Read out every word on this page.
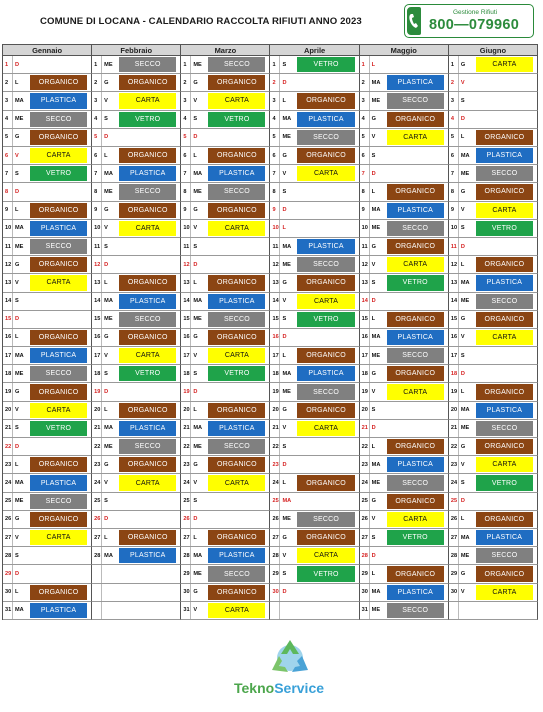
COMUNE DI LOCANA - CALENDARIO RACCOLTA RIFIUTI ANNO 2023
Gestione Rifiuti
800—079960
Gennaio
1	D
2	L	ORGANICO
3	MA	PLASTICA
4	ME	SECCO
5	G	ORGANICO
6	V	CARTA
7	S	VETRO
8	D
9	L	ORGANICO
10 MA	PLASTICA
11 ME	SECCO
12 G	ORGANICO
13 V	CARTA
14 S
15 D
16 L	ORGANICO
17 MA	PLASTICA
18 ME	SECCO
19 G	ORGANICO
20 V	CARTA
21 S	VETRO
22 D
23 L	ORGANICO
24 MA	PLASTICA
25 ME	SECCO
26 G	ORGANICO
27 V	CARTA
28 S
29 D
30 L	ORGANICO
31 MA	PLASTICA
Febbraio
1	ME	SECCO
2	G	ORGANICO
3	V	CARTA
4	S	VETRO
5	D
6	L	ORGANICO
7	MA	PLASTICA
8	ME	SECCO
9	G	ORGANICO
10 V	CARTA
11 S
12 D
13 L	ORGANICO
14 MA	PLASTICA
15 ME	SECCO
16 G	ORGANICO
17 V	CARTA
18 S	VETRO
19 D
20 L	ORGANICO
21 MA	PLASTICA
22 ME	SECCO
23 G	ORGANICO
24 V	CARTA
25 S
26 D
27 L	ORGANICO
28 MA	PLASTICA
Marzo
1	ME	SECCO
2	G	ORGANICO
3	V	CARTA
4	S	VETRO
5	D
6	L	ORGANICO
7	MA	PLASTICA
8	ME	SECCO
9	G	ORGANICO
10 V	CARTA
11 S
12 D
13 L	ORGANICO
14 MA	PLASTICA
15 ME	SECCO
16 G	ORGANICO
17 V	CARTA
18 S	VETRO
19 D
20 L	ORGANICO
21 MA	PLASTICA
22 ME	SECCO
23 G	ORGANICO
24 V	CARTA
25 S
26 D
27 L	ORGANICO
28 MA	PLASTICA
29 ME	SECCO
30 G	ORGANICO
31 V	CARTA
Aprile
1	S	VETRO
2	D
3	L	ORGANICO
4	MA	PLASTICA
5	ME	SECCO
6	G	ORGANICO
7	V	CARTA
8	S
9	D
10 L
11 MA	PLASTICA
12 ME	SECCO
13 G	ORGANICO
14 V	CARTA
15 S	VETRO
16 D
17 L	ORGANICO
18 MA	PLASTICA
19 ME	SECCO
20 G	ORGANICO
21 V	CARTA
22 S
23 D
24 L	ORGANICO
25 MA
26 ME	SECCO
27 G	ORGANICO
28 V	CARTA
29 S	VETRO
30 D
Maggio
1	L
2	MA	PLASTICA
3	ME	SECCO
4	G	ORGANICO
5	V	CARTA
6	S
7	D
8	L	ORGANICO
9	MA	PLASTICA
10 ME	SECCO
11 G	ORGANICO
12 V	CARTA
13 S	VETRO
14 D
15 L	ORGANICO
16 MA	PLASTICA
17 ME	SECCO
18 G	ORGANICO
19 V	CARTA
20 S
21 D
22 L	ORGANICO
23 MA	PLASTICA
24 ME	SECCO
25 G	ORGANICO
26 V	CARTA
27 S	VETRO
28 D
29 L	ORGANICO
30 MA	PLASTICA
31 ME	SECCO
Giugno
1	G	CARTA
2	V
3	S
4	D
5	L	ORGANICO
6	MA	PLASTICA
7	ME	SECCO
8	G	ORGANICO
9	V	CARTA
10 S	VETRO
11 D
12 L	ORGANICO
13 MA	PLASTICA
14 ME	SECCO
15 G	ORGANICO
16 V	CARTA
17 S
18 D
19 L	ORGANICO
20 MA	PLASTICA
21 ME	SECCO
22 G	ORGANICO
23 V	CARTA
24 S	VETRO
25 D
26 L	ORGANICO
27 MA	PLASTICA
28 ME	SECCO
29 G	ORGANICO
30 V	CARTA
TeknoService
